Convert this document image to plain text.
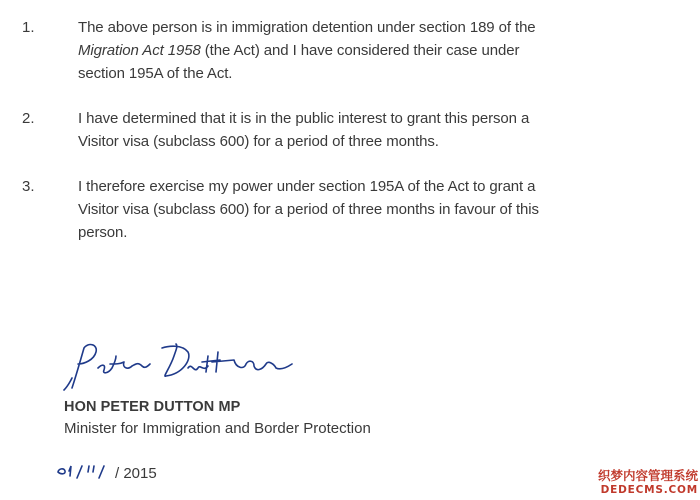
1.	The above person is in immigration detention under section 189 of the
Migration Act 1958 (the Act) and I have considered their case under
section 195A of the Act.
2.	I have determined that it is in the public interest to grant this person a
Visitor visa (subclass 600) for a period of three months.
3.	I therefore exercise my power under section 195A of the Act to grant a
Visitor visa (subclass 600) for a period of three months in favour of this
person.
HON PETER DUTTON MP
Minister for Immigration and Border Protection
/ 2015	织梦内容管理系统
DEDECMS.COM
